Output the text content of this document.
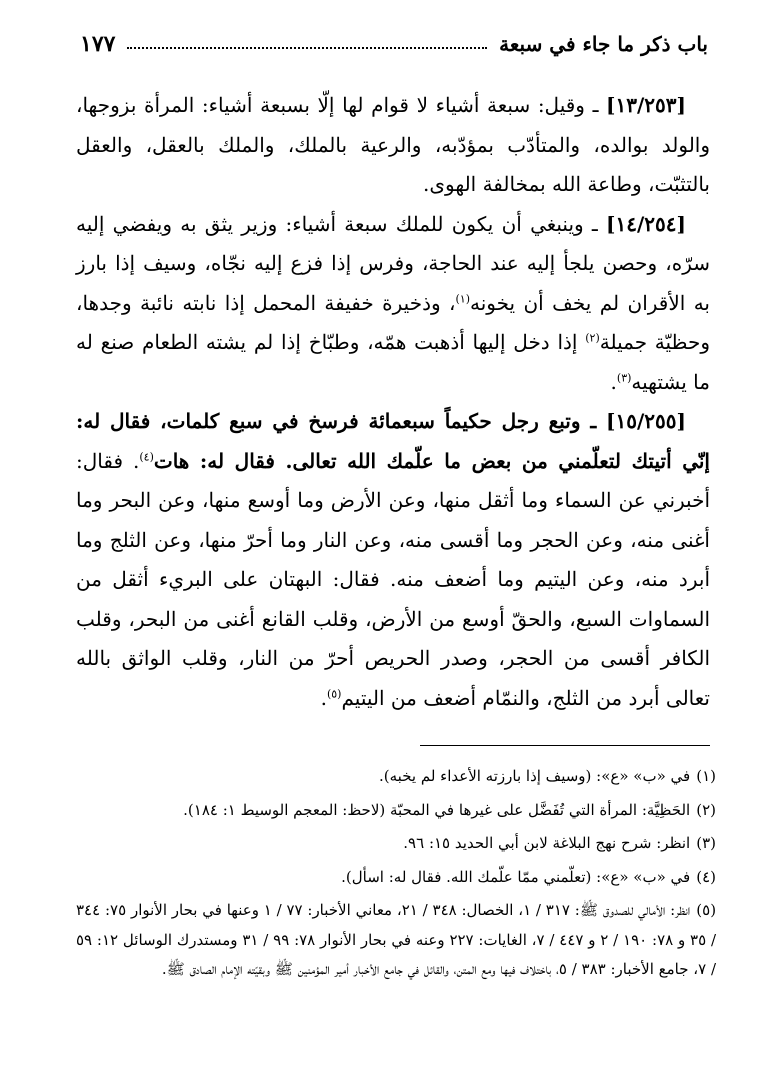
باب ذكر ما جاء في سبعة
١٧٧

[١٣/٢٥٣] ـ وقيل: سبعة أشياء لا قوام لها إلّا بسبعة أشياء: المرأة بزوجها، والولد بوالده، والمتأدّب بمؤدّبه، والرعية بالملك، والملك بالعقل، والعقل بالتثبّت، وطاعة الله بمخالفة الهوى.

[١٤/٢٥٤] ـ وينبغي أن يكون للملك سبعة أشياء: وزير يثق به ويفضي إليه سرّه، وحصن يلجأ إليه عند الحاجة، وفرس إذا فزع إليه نجّاه، وسيف إذا بارز به الأقران لم يخف أن يخونه$^{(١)}$، وذخيرة خفيفة المحمل إذا نابته نائبة وجدها، وحظيّة جميلة$^{(٢)}$ إذا دخل إليها أذهبت همّه، وطبّاخ إذا لم يشته الطعام صنع له ما يشتهيه$^{(٣)}$.

[١٥/٢٥٥] ـ وتبع رجل حكيماً سبعمائة فرسخ في سبع كلمات، فقال له: إنّي أتيتك لتعلّمني من بعض ما علّمك الله تعالى. فقال له: هات$^{(٤)}$. فقال: أخبرني عن السماء وما أثقل منها، وعن الأرض وما أوسع منها، وعن البحر وما أغنى منه، وعن الحجر وما أقسى منه، وعن النار وما أحرّ منها، وعن الثلج وما أبرد منه، وعن اليتيم وما أضعف منه. فقال: البهتان على البريء أثقل من السماوات السبع، والحقّ أوسع من الأرض، وقلب القانع أغنى من البحر، وقلب الكافر أقسى من الحجر، وصدر الحريص أحرّ من النار، وقلب الواثق بالله تعالى أبرد من الثلج، والنمّام أضعف من اليتيم$^{(٥)}$.

(١)في «ب» «ع»: (وسيف إذا بارزته الأعداء لم يخبه).

(٢)الحَظِيَّة: المرأة التي تُفَضَّل على غيرها في المحبّة (لاحظ: المعجم الوسيط ١: ١٨٤).

(٣)انظر: شرح نهج البلاغة لابن أبي الحديد ١٥: ٩٦.

(٤)في «ب» «ع»: (تعلّمني ممّا علّمك الله. فقال له: اسأل).

(٥)انظر: الأمالي للصدوق ﷺ: ٣١٧ / ١، الخصال: ٣٤٨ / ٢١، معاني الأخبار: ٧٧ / ١ وعنها في بحار الأنوار ٧٥: ٣٤٤ / ٣٥ و ٧٨: ١٩٠ / ٢ و ٤٤٧ / ٧، الغايات: ٢٢٧ وعنه في بحار الأنوار ٧٨: ٩٩ / ٣١ ومستدرك الوسائل ١٢: ٥٩ / ٧، جامع الأخبار: ٣٨٣ / ٥، باختلاف فيها ومع المتن، والقائل في جامع الأخبار أمير المؤمنين ﷺ وبقيّته الإمام الصادق ﷺ.
